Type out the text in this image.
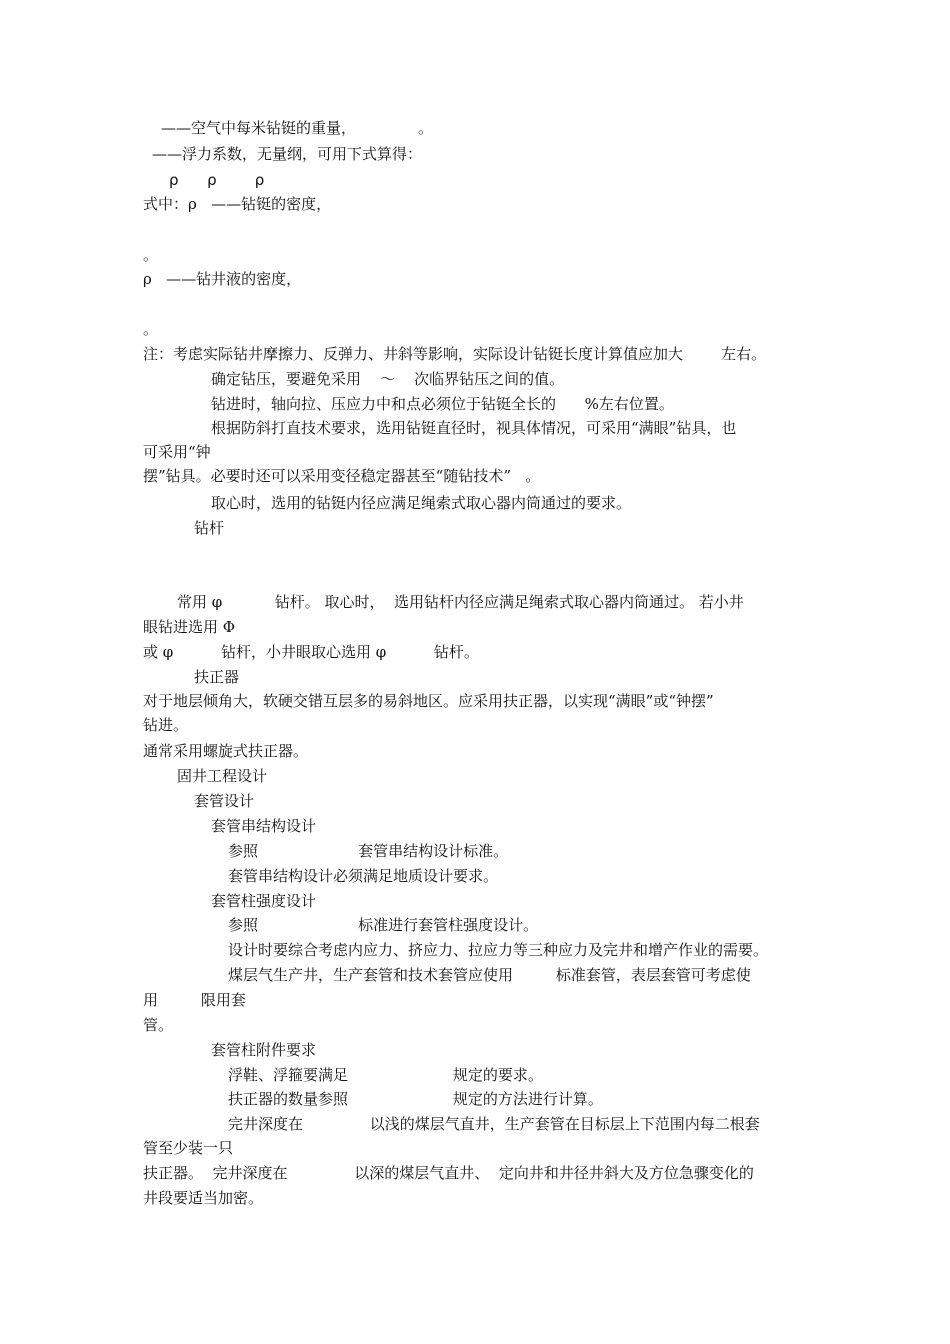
——空气中每米钻铤的重量，             。
——浮力系数，无量纲，可用下式算得：
ρ      ρ        ρ
式中：ρ   ——钻铤的密度，
。
ρ   ——钻井液的密度，
。
注：考虑实际钻井摩擦力、反弹力、井斜等影响，实际设计钻铤长度计算值应加大        左右。
确定钻压，要避免采用    ～    次临界钻压之间的值。
钻进时，轴向拉、压应力中和点必须位于钻铤全长的      %左右位置。
根据防斜打直技术要求，选用钻铤直径时，视具体情况，可采用“满眼”钻具，也
可采用“钟
摆”钻具。必要时还可以采用变径稳定器甚至“随钻技术”   。
取心时，选用的钻铤内径应满足绳索式取心器内筒通过的要求。
钻杆
常用 φ           钻杆。 取心时，  选用钻杆内径应满足绳索式取心器内筒通过。 若小井
眼钻进选用 Φ
或 φ          钻杆，小井眼取心选用 φ          钻杆。
扶正器
对于地层倾角大，软硬交错互层多的易斜地区。应采用扶正器，以实现“满眼”或“钟摆”
钻进。
通常采用螺旋式扶正器。
固井工程设计
套管设计
套管串结构设计
参照                     套管串结构设计标准。
套管串结构设计必须满足地质设计要求。
套管柱强度设计
参照                     标准进行套管柱强度设计。
设计时要综合考虑内应力、挤应力、拉应力等三种应力及完井和增产作业的需要。
煤层气生产井，生产套管和技术套管应使用         标准套管，表层套管可考虑使
用         限用套
管。
套管柱附件要求
浮鞋、浮箍要满足                      规定的要求。
扶正器的数量参照                      规定的方法进行计算。
完井深度在              以浅的煤层气直井，生产套管在目标层上下范围内每二根套
管至少装一只
扶正器。  完井深度在              以深的煤层气直井、  定向井和井径井斜大及方位急骤变化的
井段要适当加密。
